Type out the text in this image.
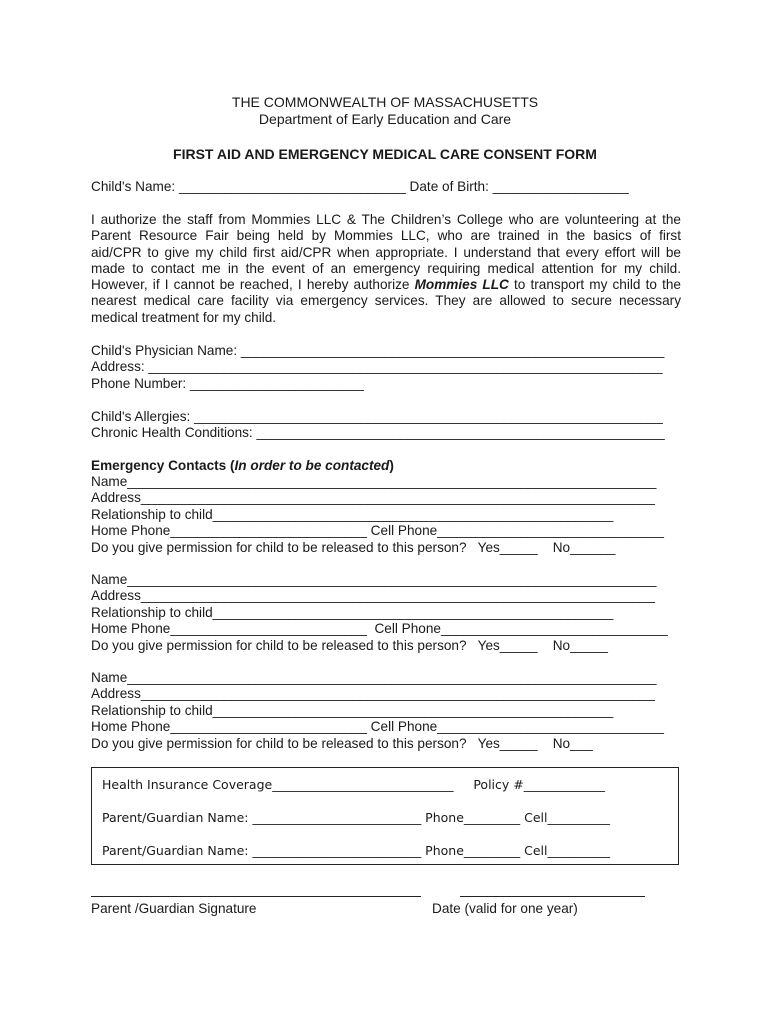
THE COMMONWEALTH OF MASSACHUSETTS
Department of Early Education and Care
FIRST AID AND EMERGENCY MEDICAL CARE CONSENT FORM
Child's Name: ______________________________ Date of Birth: __________________
I authorize the staff from Mommies LLC & The Children’s College who are volunteering at the
Parent Resource Fair being held by Mommies LLC, who are trained in the basics of first
aid/CPR to give my child first aid/CPR when appropriate. I understand that every effort will be
made to contact me in the event of an emergency requiring medical attention for my child.
However, if I cannot be reached, I hereby authorize Mommies LLC to transport my child to the
nearest medical care facility via emergency services. They are allowed to secure necessary
medical treatment for my child.
Child's Physician Name: ________________________________________________________
Address: ____________________________________________________________________
Phone Number: _______________________
Child's Allergies: ______________________________________________________________
Chronic Health Conditions: ______________________________________________________
Emergency Contacts (In order to be contacted)
Name______________________________________________________________________
Address____________________________________________________________________
Relationship to child_____________________________________________________
Home Phone__________________________ Cell Phone______________________________
Do you give permission for child to be released to this person?   Yes_____    No______
Name______________________________________________________________________
Address____________________________________________________________________
Relationship to child_____________________________________________________
Home Phone__________________________  Cell Phone______________________________
Do you give permission for child to be released to this person?   Yes_____    No_____
Name______________________________________________________________________
Address____________________________________________________________________
Relationship to child_____________________________________________________
Home Phone__________________________ Cell Phone______________________________
Do you give permission for child to be released to this person?   Yes_____    No___
Health Insurance Coverage_____________________________     Policy #_____________
Parent/Guardian Name: ___________________________ Phone_________ Cell__________
Parent/Guardian Name: ___________________________ Phone_________ Cell__________
Parent /Guardian Signature	Date (valid for one year)
